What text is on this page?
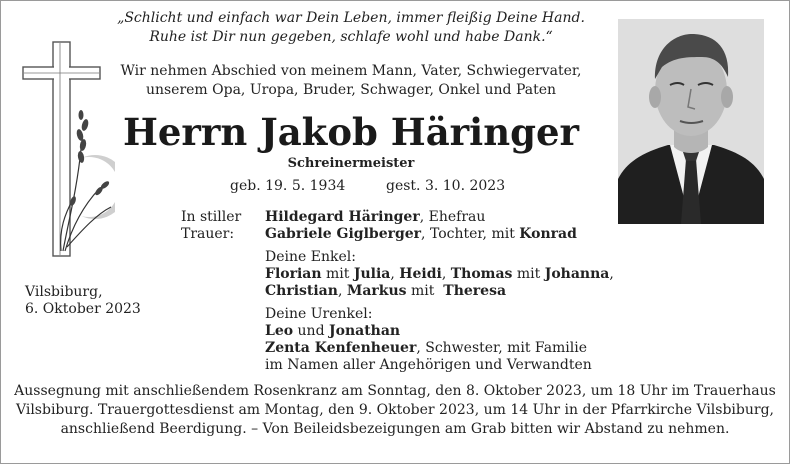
„Schlicht und einfach war Dein Leben, immer fleißig Deine Hand.
Ruhe ist Dir nun gegeben, schlafe wohl und habe Dank.“
Wir nehmen Abschied von meinem Mann, Vater, Schwiegervater,
unserem Opa, Uropa, Bruder, Schwager, Onkel und Paten
Herrn Jakob Häringer
Schreinermeister
geb. 19. 5. 1934	gest. 3. 10. 2023
In stiller
Trauer:
Hildegard Häringer, Ehefrau
Gabriele Giglberger, Tochter, mit Konrad
Deine Enkel:
Florian mit Julia, Heidi, Thomas mit Johanna,
Christian, Markus mit  Theresa
Deine Urenkel:
Leo und Jonathan
Zenta Kenfenheuer, Schwester, mit Familie
im Namen aller Angehörigen und Verwandten
Vilsbiburg,
6. Oktober 2023
Aussegnung mit anschließendem Rosenkranz am Sonntag, den 8. Oktober 2023, um 18 Uhr im Trauerhaus
Vilsbiburg. Trauergottesdienst am Montag, den 9. Oktober 2023, um 14 Uhr in der Pfarrkirche Vilsbiburg,
anschließend Beerdigung. – Von Beileidsbezeigungen am Grab bitten wir Abstand zu nehmen.
